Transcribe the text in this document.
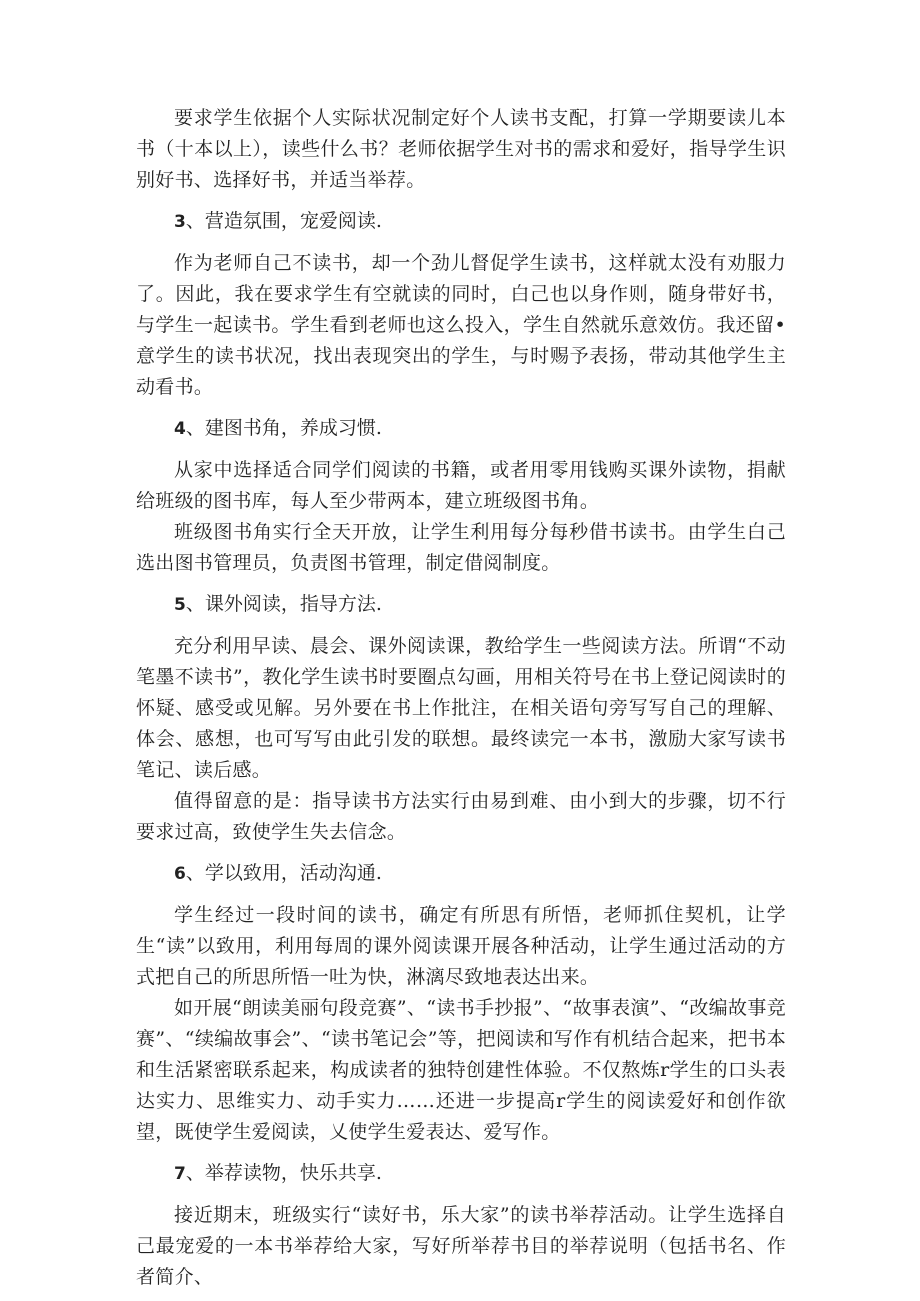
要求学生依据个人实际状况制定好个人读书支配，打算一学期要读儿本书（十本以上），读些什么书？老师依据学生对书的需求和爱好，指导学生识别好书、选择好书，并适当举荐。

3、营造氛围，宠爱阅读.

作为老师自己不读书，却一个劲儿督促学生读书，这样就太没有劝服力了。因此，我在要求学生有空就读的同时，白己也以身作则，随身带好书，与学生一起读书。学生看到老师也这么投入，学生自然就乐意效仿。我还留•意学生的读书状况，找出表现突出的学生，与时赐予表扬，带动其他学生主动看书。

4、建图书角，养成习惯.

从家中选择适合同学们阅读的书籍，或者用零用钱购买课外读物，捐献给班级的图书库，每人至少带两本，建立班级图书角。

班级图书角实行全天开放，让学生利用每分每秒借书读书。由学生白己选出图书管理员，负责图书管理，制定借阅制度。

5、课外阅读，指导方法.

充分利用早读、晨会、课外阅读课，教给学生一些阅读方法。所谓“不动笔墨不读书”，教化学生读书时要圈点勾画，用相关符号在书上登记阅读时的怀疑、感受或见解。另外要在书上作批注，在相关语句旁写写自己的理解、体会、感想，也可写写由此引发的联想。最终读完一本书，激励大家写读书笔记、读后感。

值得留意的是：指导读书方法实行由易到难、由小到大的步骤，切不行要求过高，致使学生失去信念。

6、学以致用，活动沟通.

学生经过一段时间的读书，确定有所思有所悟，老师抓住契机，让学生“读”以致用，利用每周的课外阅读课开展各种活动，让学生通过活动的方式把自己的所思所悟一吐为快，淋漓尽致地表达出来。

如开展“朗读美丽句段竞赛”、“读书手抄报”、“故事表演”、“改编故事竞赛”、“续编故事会”、“读书笔记会”等，把阅读和写作有机结合起来，把书本和生活紧密联系起来，构成读者的独特创建性体验。不仅熬炼r学生的口头表达实力、思维实力、动手实力……还进一步提高r学生的阅读爱好和创作欲望，既使学生爱阅读，乂使学生爱表达、爱写作。

7、举荐读物，快乐共享.

接近期末，班级实行“读好书，乐大家”的读书举荐活动。让学生选择自己最宠爱的一本书举荐给大家，写好所举荐书目的举荐说明（包括书名、作者简介、
